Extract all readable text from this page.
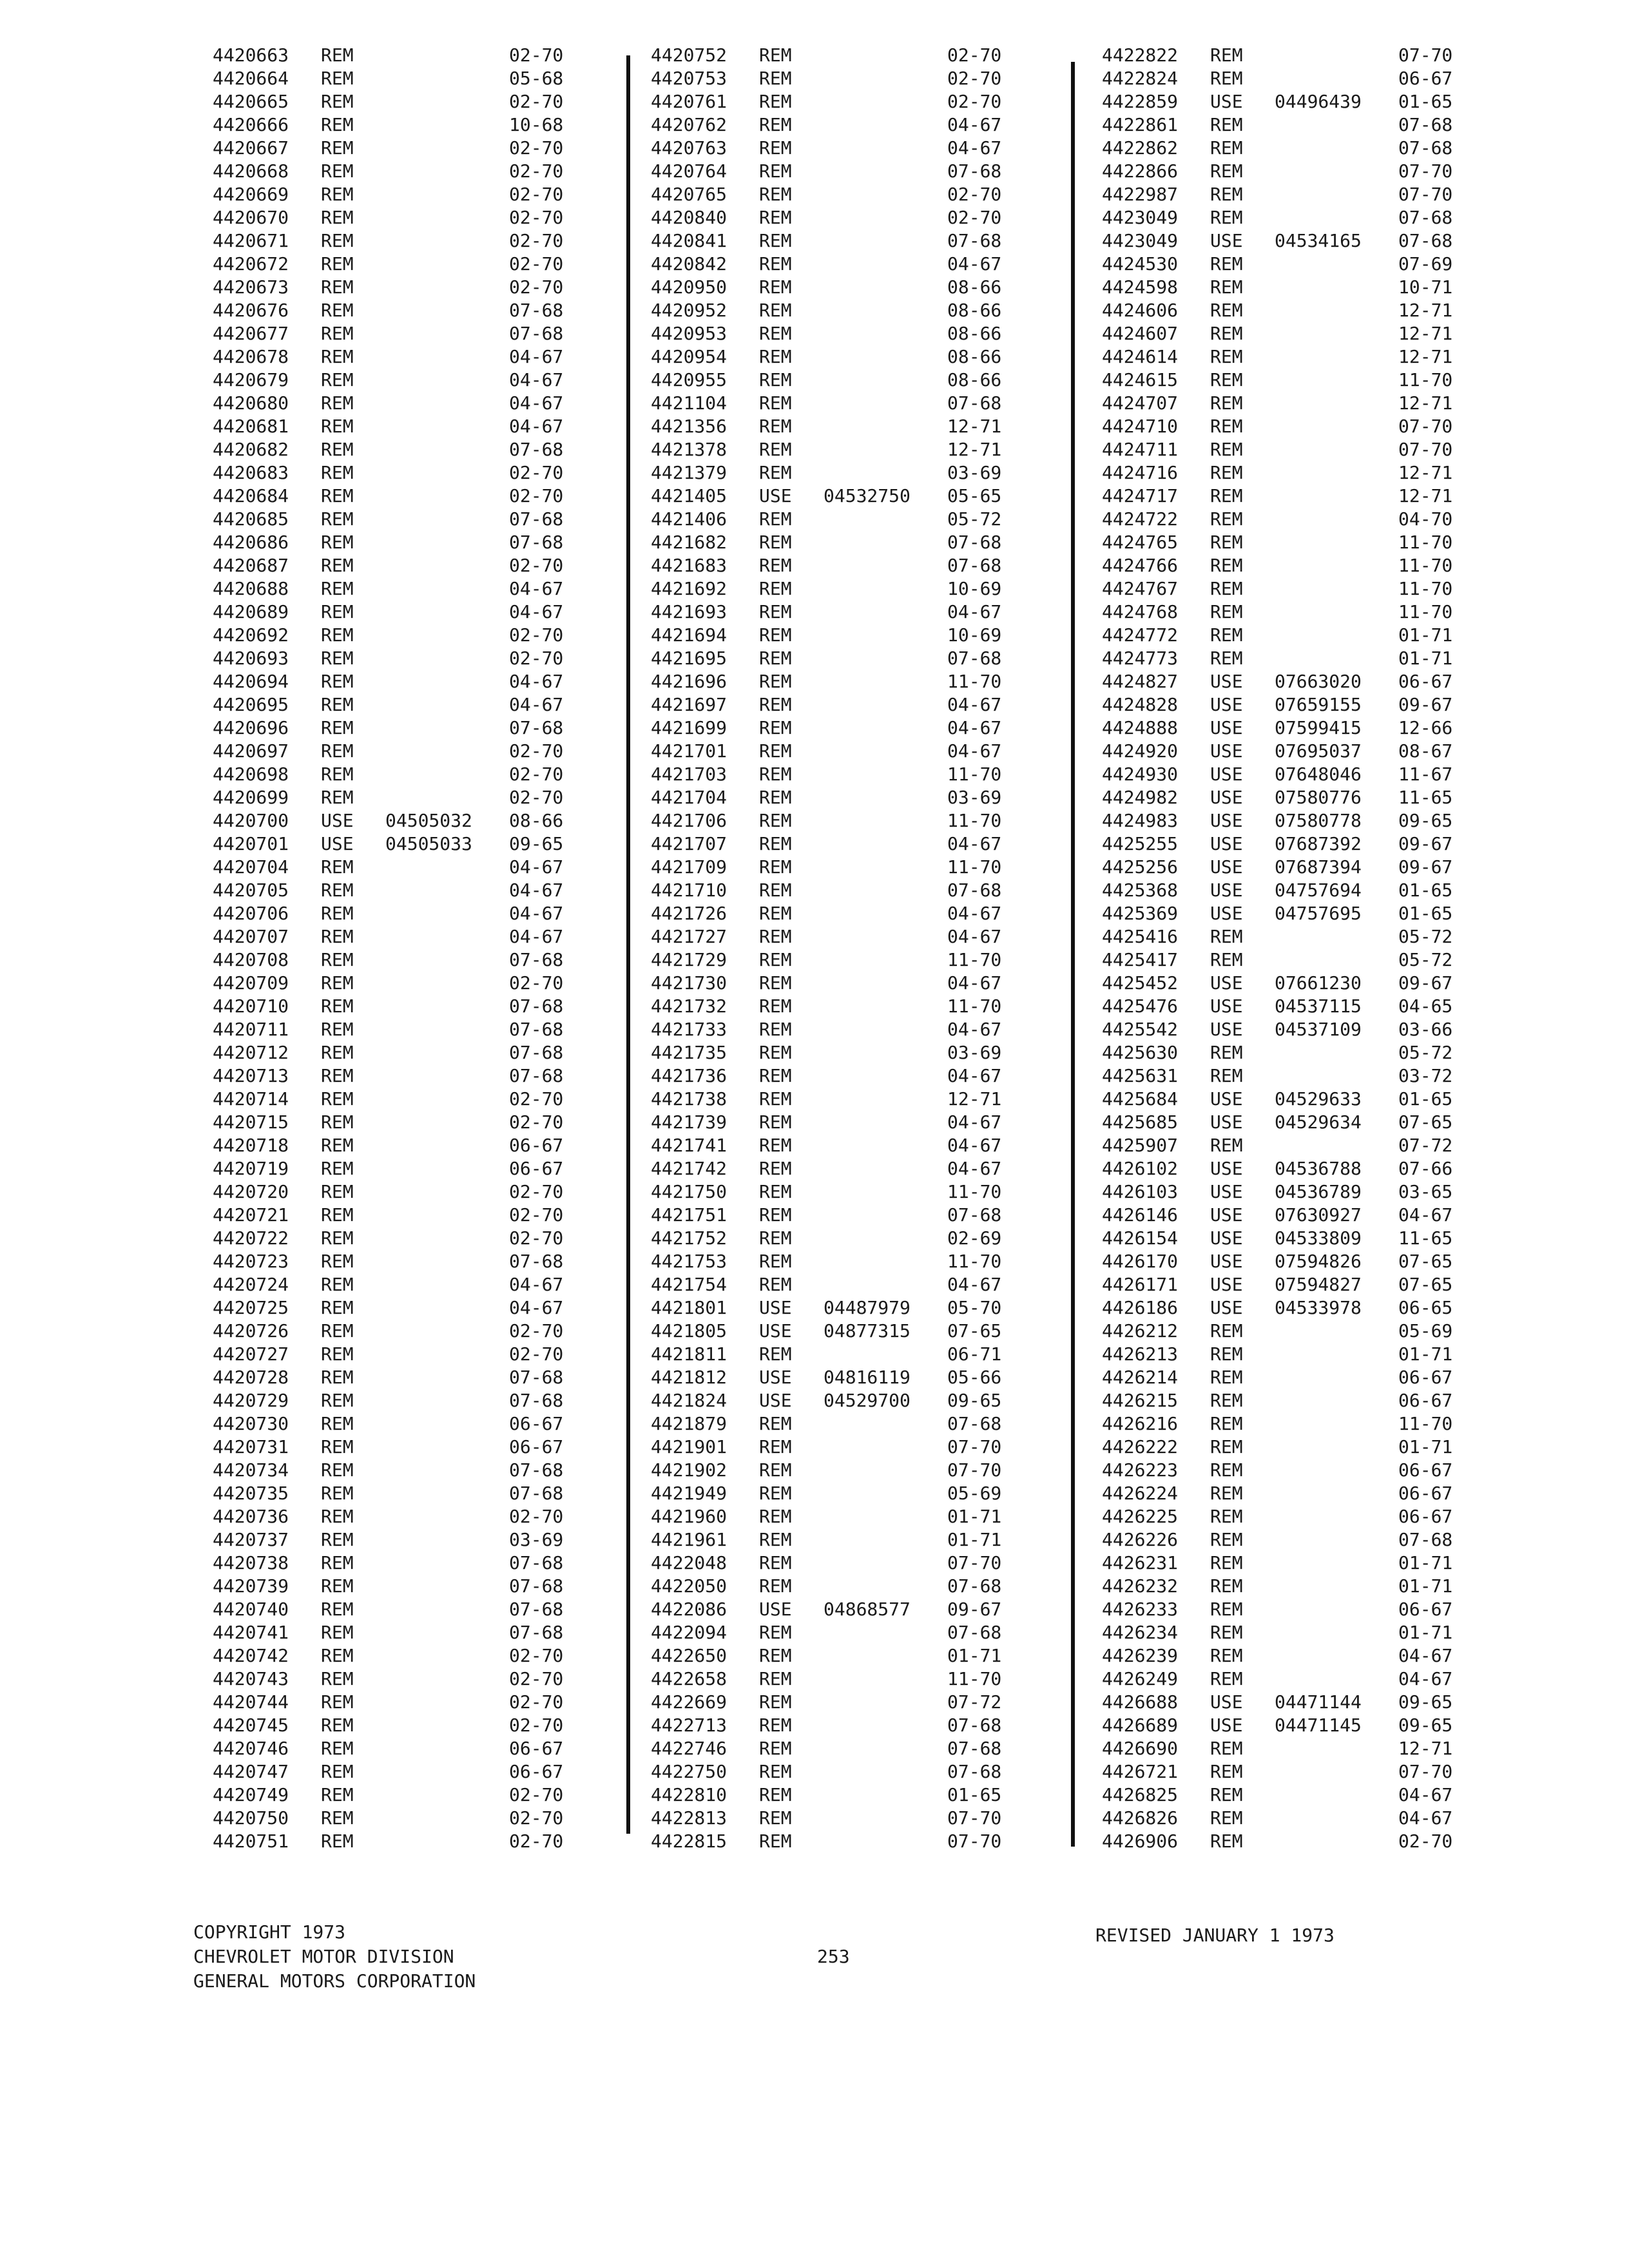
4420663 REM	02-70
4420664 REM	05-68
4420665 REM	02-70
4420666 REM	10-68
4420667 REM	02-70
4420668 REM	02-70
4420669 REM	02-70
4420670 REM	02-70
4420671 REM	02-70
4420672 REM	02-70
4420673 REM	02-70
4420676 REM	07-68
4420677 REM	07-68
4420678 REM	04-67
4420679 REM	04-67
4420680 REM	04-67
4420681 REM	04-67
4420682 REM	07-68
4420683 REM	02-70
4420684 REM	02-70
4420685 REM	07-68
4420686 REM	07-68
4420687 REM	02-70
4420688 REM	04-67
4420689 REM	04-67
4420692 REM	02-70
4420693 REM	02-70
4420694 REM	04-67
4420695 REM	04-67
4420696 REM	07-68
4420697 REM	02-70
4420698 REM	02-70
4420699 REM	02-70
4420700 USE 04505032 08-66
4420701 USE 04505033 09-65
4420704 REM	04-67
4420705 REM	04-67
4420706 REM	04-67
4420707 REM	04-67
4420708 REM	07-68
4420709 REM	02-70
4420710 REM	07-68
4420711 REM	07-68
4420712 REM	07-68
4420713 REM	07-68
4420714 REM	02-70
4420715 REM	02-70
4420718 REM	06-67
4420719 REM	06-67
4420720 REM	02-70
4420721 REM	02-70
4420722 REM	02-70
4420723 REM	07-68
4420724 REM	04-67
4420725 REM	04-67
4420726 REM	02-70
4420727 REM	02-70
4420728 REM	07-68
4420729 REM	07-68
4420730 REM	06-67
4420731 REM	06-67
4420734 REM	07-68
4420735 REM	07-68
4420736 REM	02-70
4420737 REM	03-69
4420738 REM	07-68
4420739 REM	07-68
4420740 REM	07-68
4420741 REM	07-68
4420742 REM	02-70
4420743 REM	02-70
4420744 REM	02-70
4420745 REM	02-70
4420746 REM	06-67
4420747 REM	06-67
4420749 REM	02-70
4420750 REM	02-70
4420751 REM	02-70
4420752 REM	02-70
4420753 REM	02-70
4420761 REM	02-70
4420762 REM	04-67
4420763 REM	04-67
4420764 REM	07-68
4420765 REM	02-70
4420840 REM	02-70
4420841 REM	07-68
4420842 REM	04-67
4420950 REM	08-66
4420952 REM	08-66
4420953 REM	08-66
4420954 REM	08-66
4420955 REM	08-66
4421104 REM	07-68
4421356 REM	12-71
4421378 REM	12-71
4421379 REM	03-69
4421405 USE 04532750 05-65
4421406 REM	05-72
4421682 REM	07-68
4421683 REM	07-68
4421692 REM	10-69
4421693 REM	04-67
4421694 REM	10-69
4421695 REM	07-68
4421696 REM	11-70
4421697 REM	04-67
4421699 REM	04-67
4421701 REM	04-67
4421703 REM	11-70
4421704 REM	03-69
4421706 REM	11-70
4421707 REM	04-67
4421709 REM	11-70
4421710 REM	07-68
4421726 REM	04-67
4421727 REM	04-67
4421729 REM	11-70
4421730 REM	04-67
4421732 REM	11-70
4421733 REM	04-67
4421735 REM	03-69
4421736 REM	04-67
4421738 REM	12-71
4421739 REM	04-67
4421741 REM	04-67
4421742 REM	04-67
4421750 REM	11-70
4421751 REM	07-68
4421752 REM	02-69
4421753 REM	11-70
4421754 REM	04-67
4421801 USE 04487979 05-70
4421805 USE 04877315 07-65
4421811 REM	06-71
4421812 USE 04816119 05-66
4421824 USE 04529700 09-65
4421879 REM	07-68
4421901 REM	07-70
4421902 REM	07-70
4421949 REM	05-69
4421960 REM	01-71
4421961 REM	01-71
4422048 REM	07-70
4422050 REM	07-68
4422086 USE 04868577 09-67
4422094 REM	07-68
4422650 REM	01-71
4422658 REM	11-70
4422669 REM	07-72
4422713 REM	07-68
4422746 REM	07-68
4422750 REM	07-68
4422810 REM	01-65
4422813 REM	07-70
4422815 REM	07-70
4422822 REM	07-70
4422824 REM	06-67
4422859 USE 04496439 01-65
4422861 REM	07-68
4422862 REM	07-68
4422866 REM	07-70
4422987 REM	07-70
4423049 REM	07-68
4423049 USE 04534165 07-68
4424530 REM	07-69
4424598 REM	10-71
4424606 REM	12-71
4424607 REM	12-71
4424614 REM	12-71
4424615 REM	11-70
4424707 REM	12-71
4424710 REM	07-70
4424711 REM	07-70
4424716 REM	12-71
4424717 REM	12-71
4424722 REM	04-70
4424765 REM	11-70
4424766 REM	11-70
4424767 REM	11-70
4424768 REM	11-70
4424772 REM	01-71
4424773 REM	01-71
4424827 USE 07663020 06-67
4424828 USE 07659155 09-67
4424888 USE 07599415 12-66
4424920 USE 07695037 08-67
4424930 USE 07648046 11-67
4424982 USE 07580776 11-65
4424983 USE 07580778 09-65
4425255 USE 07687392 09-67
4425256 USE 07687394 09-67
4425368 USE 04757694 01-65
4425369 USE 04757695 01-65
4425416 REM	05-72
4425417 REM	05-72
4425452 USE 07661230 09-67
4425476 USE 04537115 04-65
4425542 USE 04537109 03-66
4425630 REM	05-72
4425631 REM	03-72
4425684 USE 04529633 01-65
4425685 USE 04529634 07-65
4425907 REM	07-72
4426102 USE 04536788 07-66
4426103 USE 04536789 03-65
4426146 USE 07630927 04-67
4426154 USE 04533809 11-65
4426170 USE 07594826 07-65
4426171 USE 07594827 07-65
4426186 USE 04533978 06-65
4426212 REM	05-69
4426213 REM	01-71
4426214 REM	06-67
4426215 REM	06-67
4426216 REM	11-70
4426222 REM	01-71
4426223 REM	06-67
4426224 REM	06-67
4426225 REM	06-67
4426226 REM	07-68
4426231 REM	01-71
4426232 REM	01-71
4426233 REM	06-67
4426234 REM	01-71
4426239 REM	04-67
4426249 REM	04-67
4426688 USE 04471144 09-65
4426689 USE 04471145 09-65
4426690 REM	12-71
4426721 REM	07-70
4426825 REM	04-67
4426826 REM	04-67
4426906 REM	02-70
COPYRIGHT 1973
CHEVROLET MOTOR DIVISION
GENERAL MOTORS CORPORATION
253
REVISED JANUARY 1 1973
